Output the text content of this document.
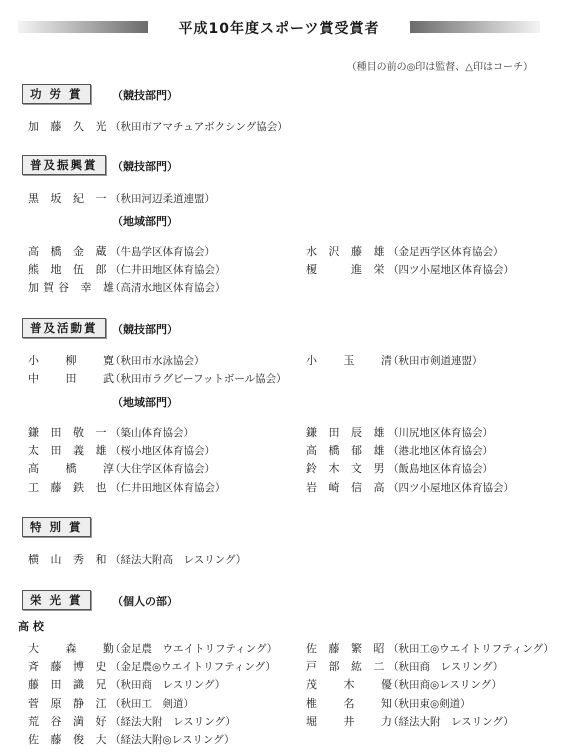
平成10年度スポーツ賞受賞者
（種目の前の◎印は監督、△印はコーチ）
功 労 賞	（競技部門）
加 藤 久 光 （秋田市アマチュアボクシング協会）
普及振興賞	（競技部門）
黒 坂 紀 一 （秋田河辺柔道連盟）
（地域部門）
高 橋 金 蔵 （牛島学区体育協会）
熊 地 伍 郎 （仁井田地区体育協会）
加賀谷 幸 雄
（高清水地区体育協会）
水 沢 藤 雄 （金足西学区体育協会）
榎 　 進 栄 （四ツ小屋地区体育協会）
普及活動賞	（競技部門）
小 　柳 　寛
（秋田市水泳協会）
中 　田 　武
（秋田市ラグビーフットボール協会）
小 　玉 　清
（秋田市剣道連盟）
（地域部門）
鎌 田 敬 一 （築山体育協会）
太 田 義 雄 （桜小地区体育協会）
高 　橋 　淳
（大住学区体育協会）
工 藤 鉄 也 （仁井田地区体育協会）
鎌 田 辰 雄 （川尻地区体育協会）
高 橋 郁 雄 （港北地区体育協会）
鈴 木 文 男 （飯島地区体育協会）
岩 崎 信 高 （四ツ小屋地区体育協会）
特 別 賞
横 山 秀 和 （経法大附高　レスリング）
栄 光 賞	（個人の部）
高 校
大 　森 　勤
（金足農　ウエイトリフティング）
斉 藤 博 史 （金足農◎ウエイトリフティング）
藤 田 識 兄 （秋田商　レスリング）
菅 原 静 江 （秋田工　剣道）
荒 谷 満 好 （経法大附　レスリング）
佐 藤 俊 大 （経法大附◎レスリング）
佐 藤 繁 昭 （秋田工◎ウエイトリフティング）
戸 部 紘 二 （秋田商　レスリング）
茂 　木 　優
（秋田商◎レスリング）
椎 　名 　知
（秋田東◎剣道）
堀 　井 　力
（経法大附　レスリング）
